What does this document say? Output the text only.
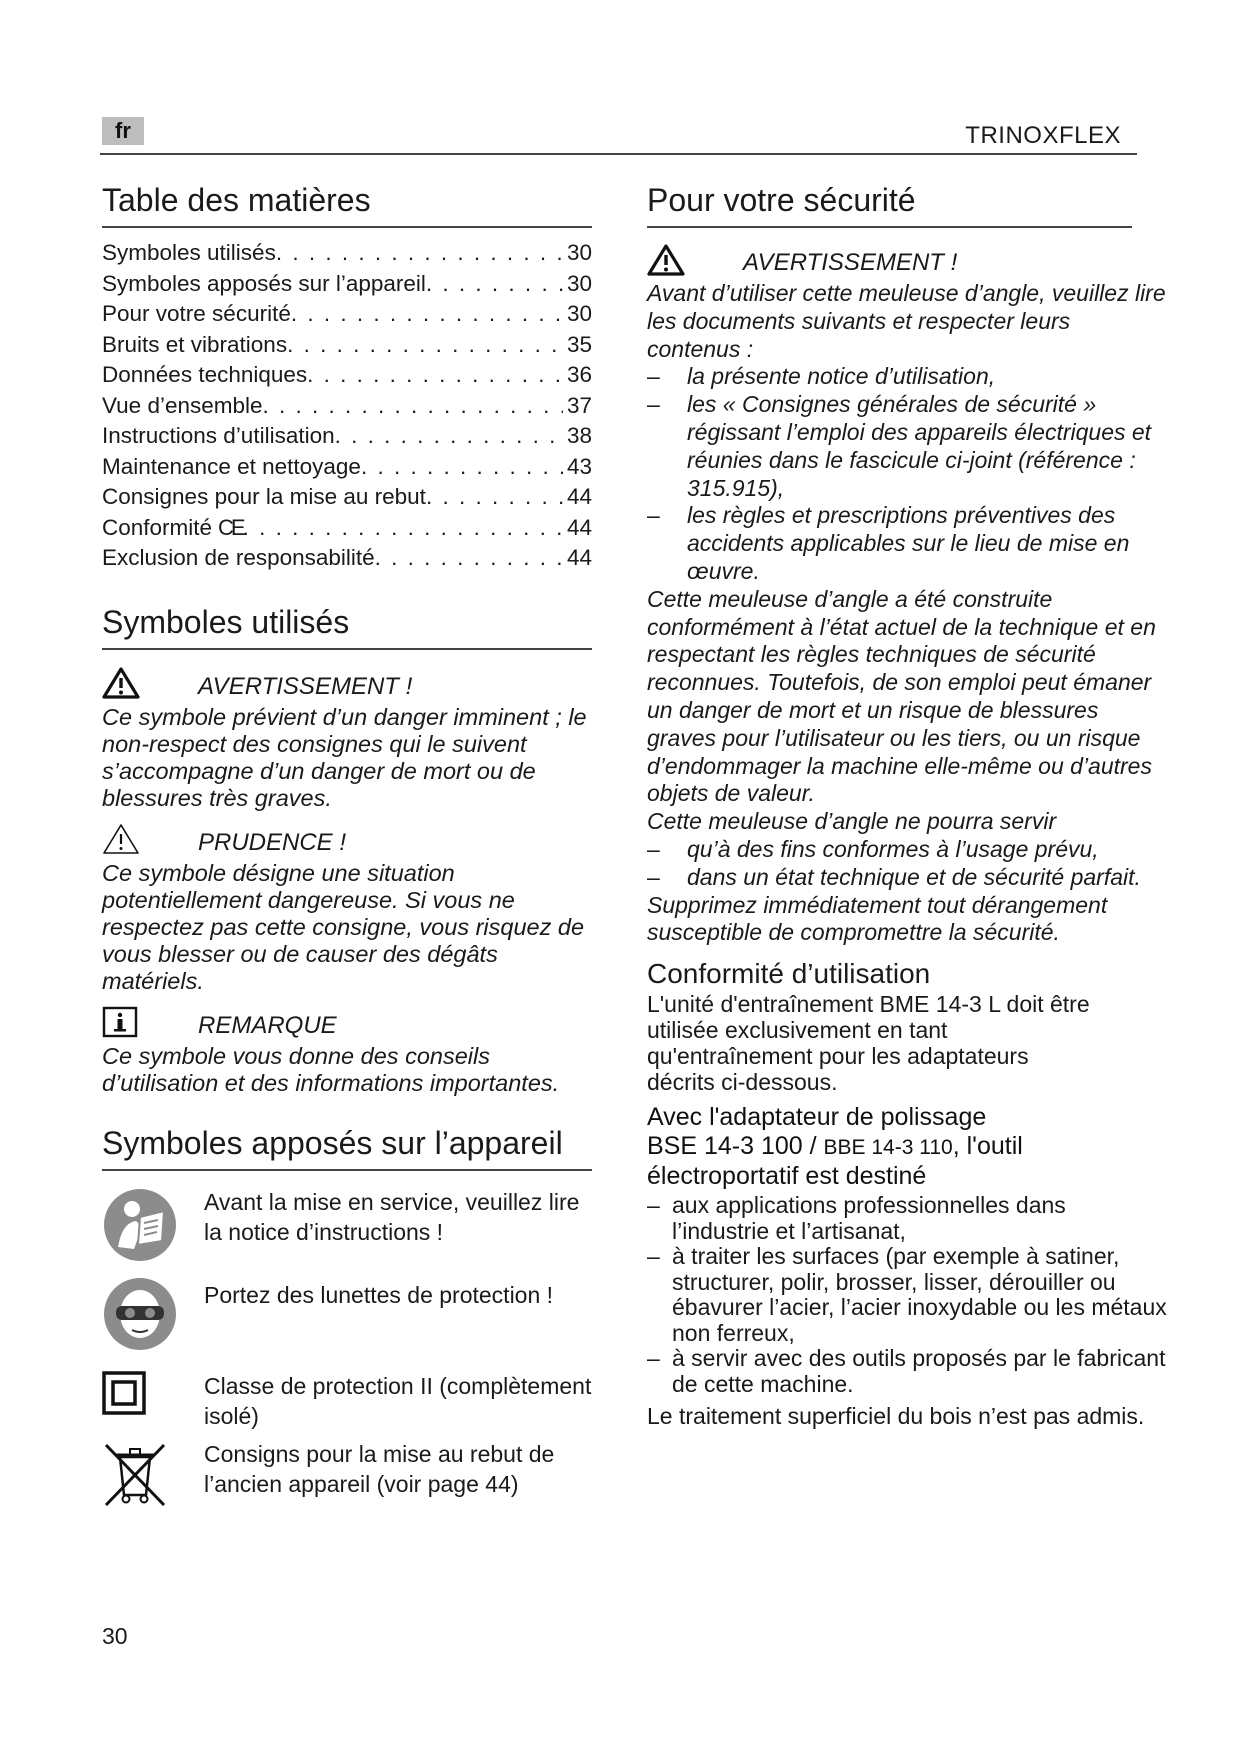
fr	TRINOXFLEX
Table des matières
Symboles utilisés . . .	30
Symboles apposés sur l’appareil . . .	30
Pour votre sécurité . . .	30
Bruits et vibrations . . .	35
Données techniques . . .	36
Vue d’ensemble . . .	37
Instructions d’utilisation . . .	38
Maintenance et nettoyage . . .	43
Consignes pour la mise au rebut . . .	44
Conformité CE . . .	44
Exclusion de responsabilité . . .	44
Symboles utilisés
AVERTISSEMENT !

Ce symbole prévient d’un danger imminent ; le non-respect des consignes qui le suivent s’accompagne d’un danger de mort ou de blessures très graves.

PRUDENCE !

Ce symbole désigne une situation potentiellement dangereuse. Si vous ne respectez pas cette consigne, vous risquez de vous blesser ou de causer des dégâts matériels.

REMARQUE

Ce symbole vous donne des conseils d’utilisation et des informations importantes.

Symboles apposés sur l’appareil
Avant la mise en service, veuillez lire la notice d’instructions !
Portez des lunettes de protection !
Classe de protection II (complètement isolé)
Consigns pour la mise au rebut de l’ancien appareil (voir page 44)
Pour votre sécurité
AVERTISSEMENT !
Avant d’utiliser cette meuleuse d’angle, veuillez lire les documents suivants et respecter leurs contenus :
– la présente notice d’utilisation,
– les « Consignes générales de sécurité » régissant l’emploi des appareils électriques et réunies dans le fascicule ci-joint (référence : 315.915),
– les règles et prescriptions préventives des accidents applicables sur le lieu de mise en œuvre.
Cette meuleuse d’angle a été construite conformément à l’état actuel de la technique et en respectant les règles techniques de sécurité reconnues. Toutefois, de son emploi peut émaner un danger de mort et un risque de blessures graves pour l’utilisateur ou les tiers, ou un risque d’endommager la machine elle-même ou d’autres objets de valeur.
Cette meuleuse d’angle ne pourra servir
– qu’à des fins conformes à l’usage prévu,
– dans un état technique et de sécurité parfait.
Supprimez immédiatement tout dérangement susceptible de compromettre la sécurité.
Conformité d’utilisation

L'unité d'entraînement BME 14-3 L doit être utilisée exclusivement en tant qu'entraînement pour les adaptateurs décrits ci-dessous.

Avec l'adaptateur de polissage
BSE 14-3 100 / BBE 14-3 110, l'outil
électroportatif est destiné
– aux applications professionnelles dans l’industrie et l’artisanat,
– à traiter les surfaces (par exemple à satiner, structurer, polir, brosser, lisser, dérouiller ou ébavurer l’acier, l’acier inoxydable ou les métaux non ferreux,
– à servir avec des outils proposés par le fabricant de cette machine.

Le traitement superficiel du bois n’est pas admis.

30
